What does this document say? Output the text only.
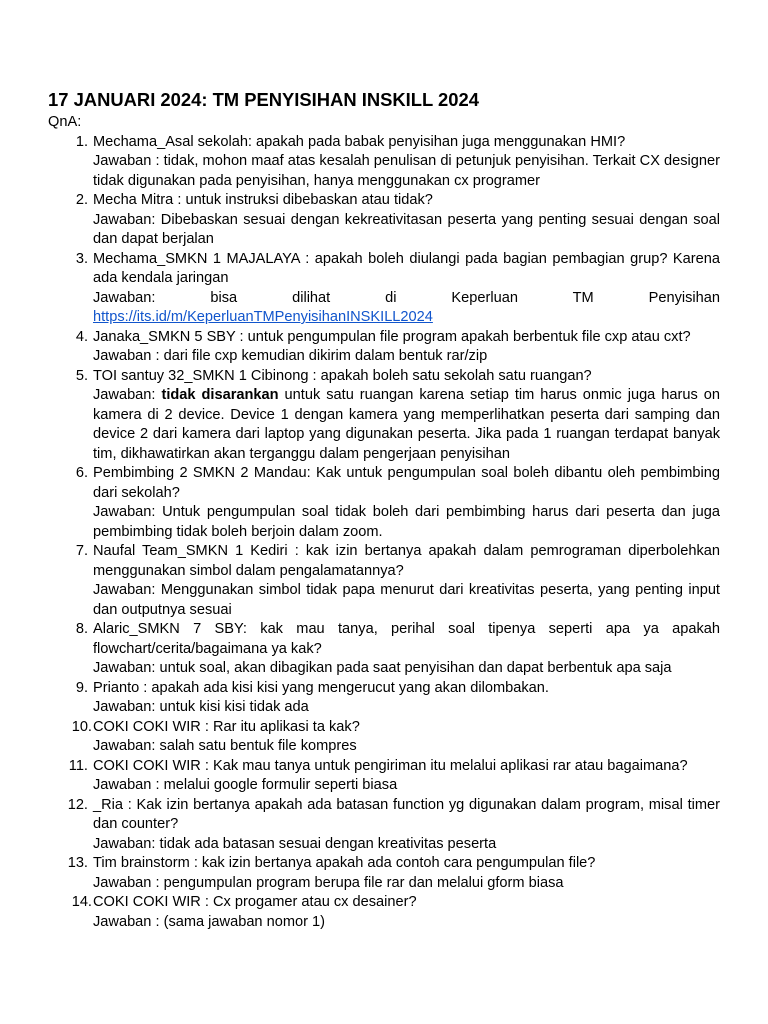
17 JANUARI 2024: TM PENYISIHAN INSKILL 2024

QnA:

1. Mechama_Asal sekolah: apakah pada babak penyisihan juga menggunakan HMI?

Jawaban : tidak, mohon maaf atas kesalah penulisan di petunjuk penyisihan. Terkait CX designer tidak digunakan pada penyisihan, hanya menggunakan cx programer

2. Mecha Mitra : untuk instruksi dibebaskan atau tidak?

Jawaban: Dibebaskan sesuai dengan kekreativitasan peserta yang penting sesuai dengan soal dan dapat berjalan

3. Mechama_SMKN 1 MAJALAYA : apakah boleh diulangi pada bagian pembagian grup? Karena ada kendala jaringan

Jawaban: bisa dilihat di Keperluan TM Penyisihan

https://its.id/m/KeperluanTMPenyisihanINSKILL2024

4. Janaka_SMKN 5 SBY : untuk pengumpulan file program apakah berbentuk file cxp atau cxt?

Jawaban : dari file cxp kemudian dikirim dalam bentuk rar/zip

5. TOI santuy 32_SMKN 1 Cibinong : apakah boleh satu sekolah satu ruangan?

Jawaban: tidak disarankan untuk satu ruangan karena setiap tim harus onmic juga harus on kamera di 2 device. Device 1 dengan kamera yang memperlihatkan peserta dari samping dan device 2 dari kamera dari laptop yang digunakan peserta. Jika pada 1 ruangan terdapat banyak tim, dikhawatirkan akan terganggu dalam pengerjaan penyisihan

6. Pembimbing 2 SMKN 2 Mandau: Kak untuk pengumpulan soal boleh dibantu oleh pembimbing dari sekolah?

Jawaban: Untuk pengumpulan soal tidak boleh dari pembimbing harus dari peserta dan juga pembimbing tidak boleh berjoin dalam zoom.

7. Naufal Team_SMKN 1 Kediri : kak izin bertanya apakah dalam pemrograman diperbolehkan menggunakan simbol dalam pengalamatannya?

Jawaban: Menggunakan simbol tidak papa menurut dari kreativitas peserta, yang penting input dan outputnya sesuai

8. Alaric_SMKN 7 SBY: kak mau tanya, perihal soal tipenya seperti apa ya apakah flowchart/cerita/bagaimana ya kak?

Jawaban: untuk soal, akan dibagikan pada saat penyisihan dan dapat berbentuk apa saja

9. Prianto : apakah ada kisi kisi yang mengerucut yang akan dilombakan.

Jawaban: untuk kisi kisi tidak ada

10. COKI COKI WIR : Rar itu aplikasi ta kak?

Jawaban: salah satu bentuk file kompres

11. COKI COKI WIR : Kak mau tanya untuk pengiriman itu melalui aplikasi rar atau bagaimana?

Jawaban : melalui google formulir seperti biasa

12. _Ria : Kak izin bertanya apakah ada batasan function yg digunakan dalam program, misal timer dan counter?

Jawaban: tidak ada batasan sesuai dengan kreativitas peserta

13. Tim brainstorm : kak izin bertanya apakah ada contoh cara pengumpulan file?

Jawaban : pengumpulan program berupa file rar dan melalui gform biasa

14. COKI COKI WIR : Cx progamer atau cx desainer?

Jawaban : (sama jawaban nomor 1)
